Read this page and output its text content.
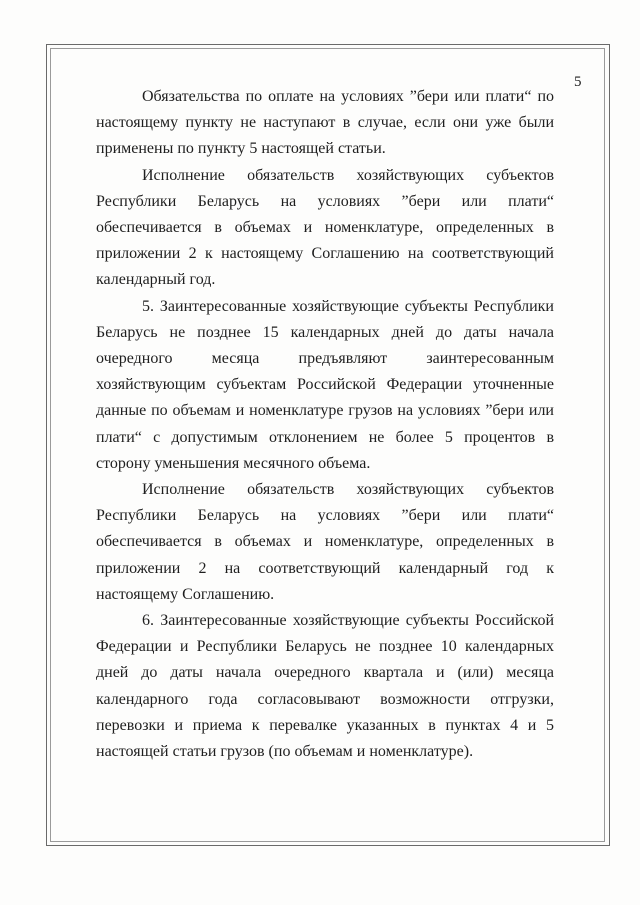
5

Обязательства по оплате на условиях ”бери или плати“ по настоящему пункту не наступают в случае, если они уже были применены по пункту 5 настоящей статьи.

Исполнение обязательств хозяйствующих субъектов Республики Беларусь на условиях ”бери или плати“ обеспечивается в объемах и номенклатуре, определенных в приложении 2 к настоящему Соглашению на соответствующий календарный год.

5. Заинтересованные хозяйствующие субъекты Республики Беларусь не позднее 15 календарных дней до даты начала очередного месяца предъявляют заинтересованным хозяйствующим субъектам Российской Федерации уточненные данные по объемам и номенклатуре грузов на условиях ”бери или плати“ с допустимым отклонением не более 5 процентов в сторону уменьшения месячного объема.

Исполнение обязательств хозяйствующих субъектов Республики Беларусь на условиях ”бери или плати“ обеспечивается в объемах и номенклатуре, определенных в приложении 2 на соответствующий календарный год к настоящему Соглашению.

6. Заинтересованные хозяйствующие субъекты Российской Федерации и Республики Беларусь не позднее 10 календарных дней до даты начала очередного квартала и (или) месяца календарного года согласовывают возможности отгрузки, перевозки и приема к перевалке указанных в пунктах 4 и 5 настоящей статьи грузов (по объемам и номенклатуре).
